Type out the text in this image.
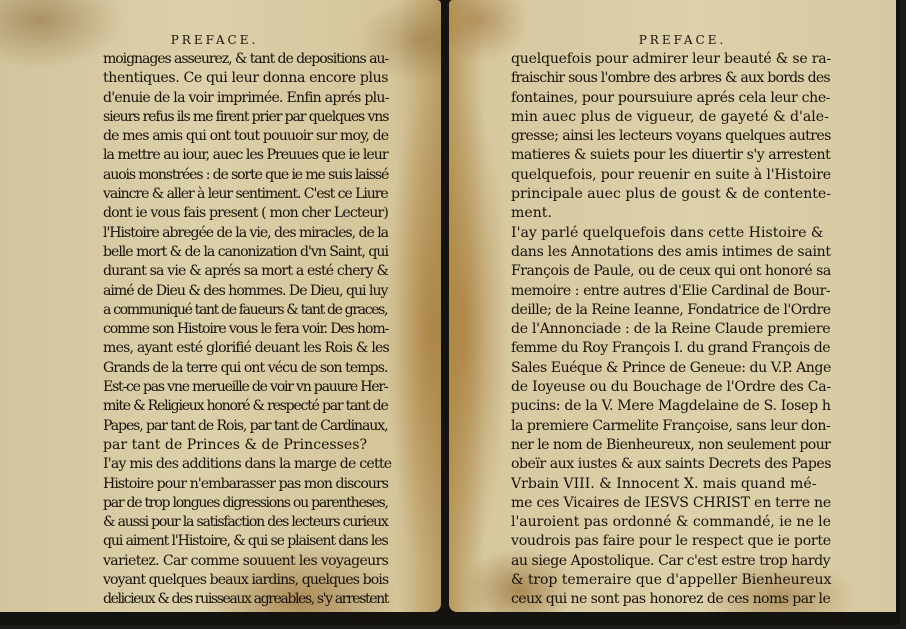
PREFACE.
moignages asseurez, & tant de depositions au-
thentiques. Ce qui leur donna encore plus
d'enuie de la voir imprimée. Enfin aprés plu-
sieurs refus ils me firent prier par quelques vns
de mes amis qui ont tout pouuoir sur moy, de
la mettre au iour, auec les Preuues que ie leur
auois monstrées : de sorte que ie me suis laissé
vaincre & aller à leur sentiment. C'est ce Liure
dont ie vous fais present ( mon cher Lecteur)
l'Histoire abregée de la vie, des miracles, de la
belle mort & de la canonization d'vn Saint, qui
durant sa vie & aprés sa mort a esté chery &
aimé de Dieu & des hommes. De Dieu, qui luy
a communiqué tant de faueurs & tant de graces,
comme son Histoire vous le fera voir. Des hom-
mes, ayant esté glorifié deuant les Rois & les
Grands de la terre qui ont vécu de son temps.
Est-ce pas vne merueille de voir vn pauure Her-
mite & Religieux honoré & respecté par tant de
Papes, par tant de Rois, par tant de Cardinaux,
par tant de Princes & de Princesses?
I'ay mis des additions dans la marge de cette
Histoire pour n'embarasser pas mon discours
par de trop longues digressions ou parentheses,
& aussi pour la satisfaction des lecteurs curieux
qui aiment l'Histoire, & qui se plaisent dans les
varietez. Car comme souuent les voyageurs
voyant quelques beaux iardins, quelques bois
delicieux & des ruisseaux agreables, s'y arrestent
quel-
PREFACE.
quelquefois pour admirer leur beauté & se ra-
fraischir sous l'ombre des arbres & aux bords des
fontaines, pour poursuiure aprés cela leur che-
min auec plus de vigueur, de gayeté & d'ale-
gresse; ainsi les lecteurs voyans quelques autres
matieres & suiets pour les diuertir s'y arrestent
quelquefois, pour reuenir en suite à l'Histoire
principale auec plus de goust & de contente-
ment.
I'ay parlé quelquefois dans cette Histoire &
dans les Annotations des amis intimes de saint
François de Paule, ou de ceux qui ont honoré sa
memoire : entre autres d'Elie Cardinal de Bour-
deille; de la Reine Ieanne, Fondatrice de l'Ordre
de l'Annonciade : de la Reine Claude premiere
femme du Roy François I. du grand François de
Sales Euéque & Prince de Geneue: du V.P. Ange
de Ioyeuse ou du Bouchage de l'Ordre des Ca-
pucins: de la V. Mere Magdelaine de S. Iosep h
la premiere Carmelite Françoise, sans leur don-
ner le nom de Bienheureux, non seulement pour
obeïr aux iustes & aux saints Decrets des Papes
Vrbain VIII. & Innocent X. mais quand mé-
me ces Vicaires de IESVS CHRIST en terre ne
l'auroient pas ordonné & commandé, ie ne le
voudrois pas faire pour le respect que ie porte
au siege Apostolique. Car c'est estre trop hardy
& trop temeraire que d'appeller Bienheureux
ceux qui ne sont pas honorez de ces noms par le
ẽ
